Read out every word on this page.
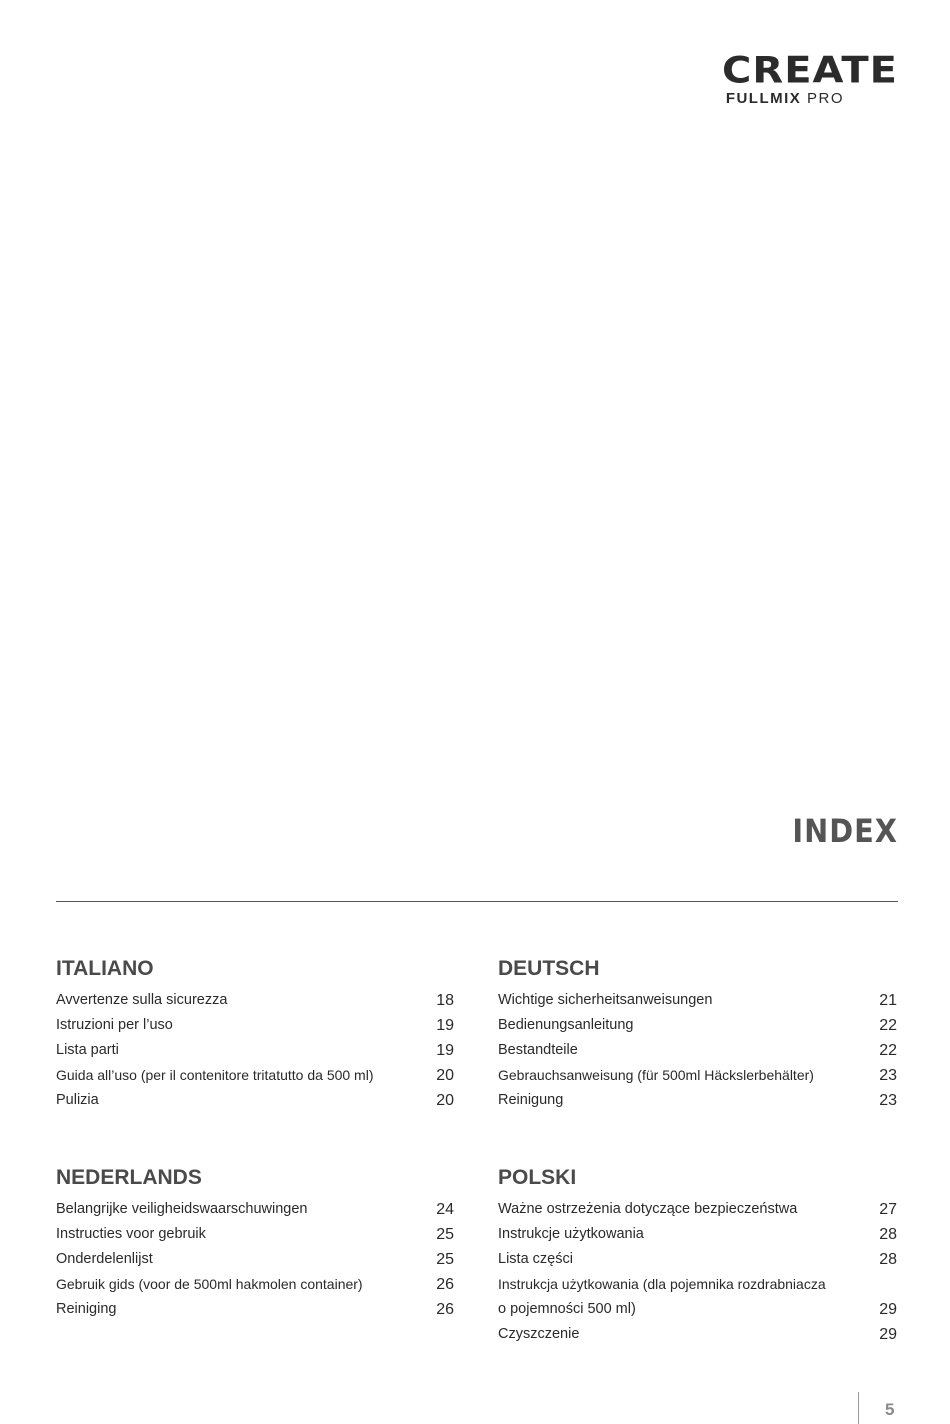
CREATE
FULLMIX PRO
INDEX
ITALIANO
Avvertenze sulla sicurezza	18
Istruzioni per l’uso	19
Lista parti	19
Guida all’uso (per il contenitore tritatutto da 500 ml)	20
Pulizia	20
DEUTSCH
Wichtige sicherheitsanweisungen	21
Bedienungsanleitung	22
Bestandteile	22
Gebrauchsanweisung (für 500ml Häckslerbehälter)	23
Reinigung	23
NEDERLANDS
Belangrijke veiligheidswaarschuwingen	24
Instructies voor gebruik	25
Onderdelenlijst	25
Gebruik gids (voor de 500ml hakmolen container)	26
Reiniging	26
POLSKI
Ważne ostrzeżenia dotyczące bezpieczeństwa	27
Instrukcje użytkowania	28
Lista części	28
Instrukcja użytkowania (dla pojemnika rozdrabniacza
o pojemności 500 ml)	29
Czyszczenie	29
5
